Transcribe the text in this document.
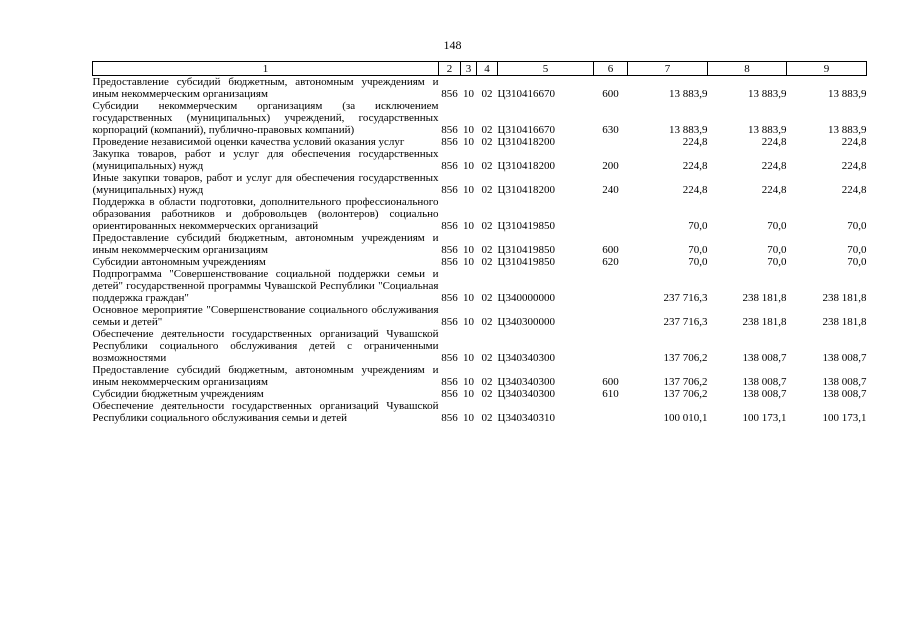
148
1	2	3	4	5	6	7	8	9
Предоставление субсидий бюджетным, автономным учреждениям и иным некоммерческим организациям	856	10	02	Ц310416670	600	13 883,9	13 883,9	13 883,9
Субсидии некоммерческим организациям (за исключением государственных (муниципальных) учреждений, государственных корпораций (компаний), публично-правовых компаний)	856	10	02	Ц310416670	630	13 883,9	13 883,9	13 883,9
Проведение независимой оценки качества условий оказания услуг	856	10	02	Ц310418200		224,8	224,8	224,8
Закупка товаров, работ и услуг для обеспечения государственных (муниципальных) нужд	856	10	02	Ц310418200	200	224,8	224,8	224,8
Иные закупки товаров, работ и услуг для обеспечения государственных (муниципальных) нужд	856	10	02	Ц310418200	240	224,8	224,8	224,8
Поддержка в области подготовки, дополнительного профессионального образования работников и добровольцев (волонтеров) социально ориентированных некоммерческих организаций	856	10	02	Ц310419850		70,0	70,0	70,0
Предоставление субсидий бюджетным, автономным учреждениям и иным некоммерческим организациям	856	10	02	Ц310419850	600	70,0	70,0	70,0
Субсидии автономным учреждениям	856	10	02	Ц310419850	620	70,0	70,0	70,0
Подпрограмма "Совершенствование социальной поддержки семьи и детей" государственной программы Чувашской Республики "Социальная поддержка граждан"	856	10	02	Ц340000000		237 716,3	238 181,8	238 181,8
Основное мероприятие "Совершенствование социального обслуживания семьи и детей"	856	10	02	Ц340300000		237 716,3	238 181,8	238 181,8
Обеспечение деятельности государственных организаций Чувашской Республики социального обслуживания детей с ограниченными возможностями	856	10	02	Ц340340300		137 706,2	138 008,7	138 008,7
Предоставление субсидий бюджетным, автономным учреждениям и иным некоммерческим организациям	856	10	02	Ц340340300	600	137 706,2	138 008,7	138 008,7
Субсидии бюджетным учреждениям	856	10	02	Ц340340300	610	137 706,2	138 008,7	138 008,7
Обеспечение деятельности государственных организаций Чувашской Республики социального обслуживания семьи и детей	856	10	02	Ц340340310		100 010,1	100 173,1	100 173,1
